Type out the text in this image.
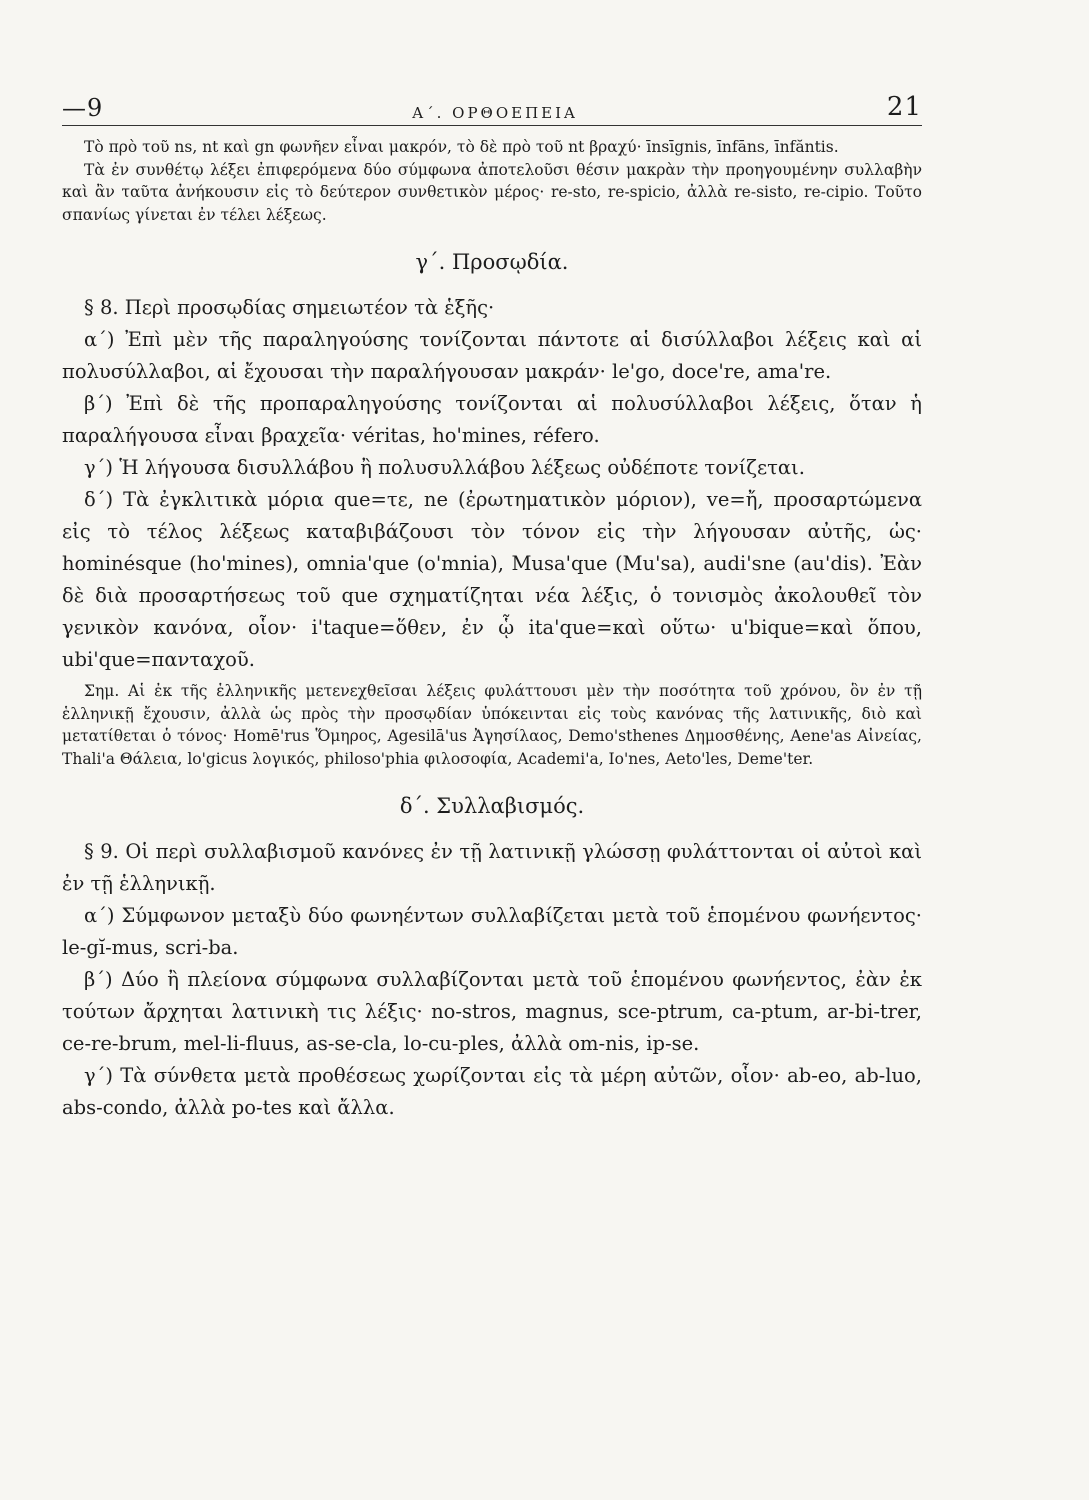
—9	Α΄. ΟΡΘΟΕΠΕΙΑ	21

Τὸ πρὸ τοῦ ns, nt καὶ gn φωνῆεν εἶναι μακρόν, τὸ δὲ πρὸ τοῦ nt βραχύ· īnsīgnis, īnfāns, īnfăntis.

Τὰ ἐν συνθέτῳ λέξει ἐπιφερόμενα δύο σύμφωνα ἀποτελοῦσι θέσιν μακρὰν τὴν προηγουμένην συλλαβὴν καὶ ἂν ταῦτα ἀνήκουσιν εἰς τὸ δεύτερον συνθετικὸν μέρος· re-sto, re-spicio, ἀλλὰ re-sisto, re-cipio. Τοῦτο σπανίως γίνεται ἐν τέλει λέξεως.

γ΄. Προσῳδία.

§ 8. Περὶ προσῳδίας σημειωτέον τὰ ἑξῆς·

α΄) Ἐπὶ μὲν τῆς παραληγούσης τονίζονται πάντοτε αἱ δισύλλαβοι λέξεις καὶ αἱ πολυσύλλαβοι, αἱ ἔχουσαι τὴν παραλήγουσαν μακράν· le'go, doce're, ama're.

β΄) Ἐπὶ δὲ τῆς προπαραληγούσης τονίζονται αἱ πολυσύλλαβοι λέξεις, ὅταν ἡ παραλήγουσα εἶναι βραχεῖα· véritas, ho'mines, réfero.

γ΄) Ἡ λήγουσα δισυλλάβου ἢ πολυσυλλάβου λέξεως οὐδέποτε τονίζεται.

δ΄) Τὰ ἐγκλιτικὰ μόρια que=τε, ne (ἐρωτηματικὸν μόριον), ve=ἤ, προσαρτώμενα εἰς τὸ τέλος λέξεως καταβιβάζουσι τὸν τόνον εἰς τὴν λήγουσαν αὐτῆς, ὡς· hominésque (ho'mines), omnia'que (o'mnia), Musa'que (Mu'sa), audi'sne (au'dis). Ἐὰν δὲ διὰ προσαρτήσεως τοῦ que σχηματίζηται νέα λέξις, ὁ τονισμὸς ἀκολουθεῖ τὸν γενικὸν κανόνα, οἷον· i'taque=ὅθεν, ἐν ᾧ ita'que=καὶ οὕτω· u'bique=καὶ ὅπου, ubi'que=πανταχοῦ.

Σημ. Αἱ ἐκ τῆς ἑλληνικῆς μετενεχθεῖσαι λέξεις φυλάττουσι μὲν τὴν ποσότητα τοῦ χρόνου, ὃν ἐν τῇ ἑλληνικῇ ἔχουσιν, ἀλλὰ ὡς πρὸς τὴν προσῳδίαν ὑπόκεινται εἰς τοὺς κανόνας τῆς λατινικῆς, διὸ καὶ μετατίθεται ὁ τόνος· Homē'rus Ὅμηρος, Agesilā'us Ἀγησίλαος, Demo'sthenes Δημοσθένης, Aene'as Αἰνείας, Thali'a Θάλεια, lo'gicus λογικός, philoso'phia φιλοσοφία, Academi'a, Io'nes, Aeto'les, Deme'ter.

δ΄. Συλλαβισμός.

§ 9. Οἱ περὶ συλλαβισμοῦ κανόνες ἐν τῇ λατινικῇ γλώσσῃ φυλάττονται οἱ αὐτοὶ καὶ ἐν τῇ ἑλληνικῇ.

α΄) Σύμφωνον μεταξὺ δύο φωνηέντων συλλαβίζεται μετὰ τοῦ ἑπομένου φωνήεντος· le-gĭ-mus, scri-ba.

β΄) Δύο ἢ πλείονα σύμφωνα συλλαβίζονται μετὰ τοῦ ἑπομένου φωνήεντος, ἐὰν ἐκ τούτων ἄρχηται λατινικὴ τις λέξις· no-stros, magnus, sce-ptrum, ca-ptum, ar-bi-trer, ce-re-brum, mel-li-fluus, as-se-cla, lo-cu-ples, ἀλλὰ om-nis, ip-se.

γ΄) Τὰ σύνθετα μετὰ προθέσεως χωρίζονται εἰς τὰ μέρη αὐτῶν, οἷον· ab-eo, ab-luo, abs-condo, ἀλλὰ po-tes καὶ ἄλλα.
